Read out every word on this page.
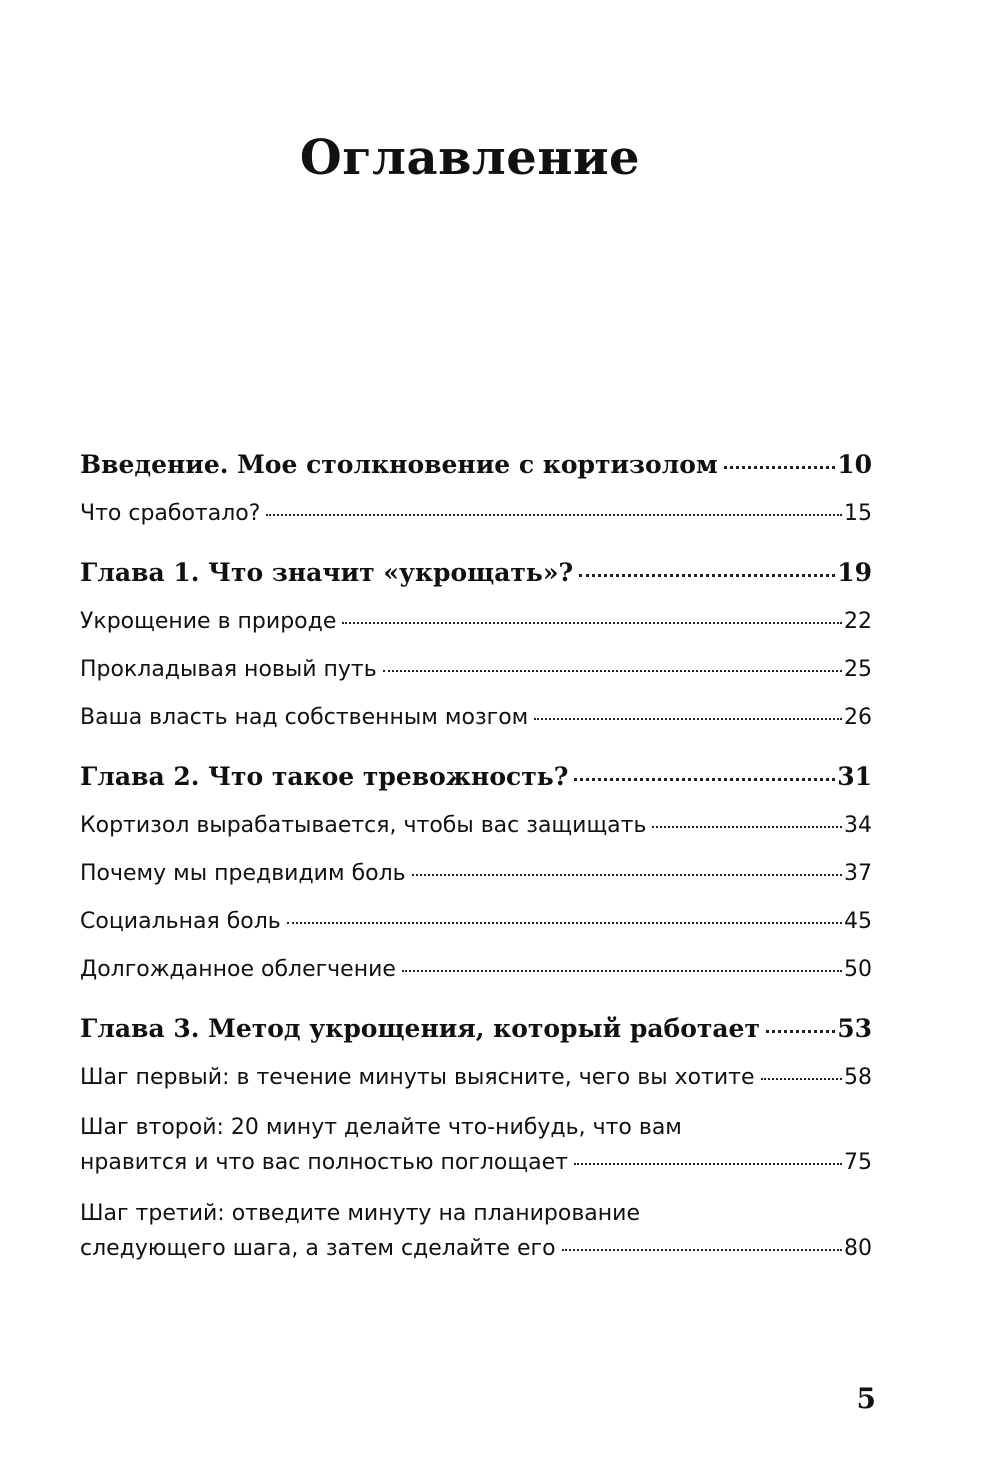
Оглавление
Введение. Мое столкновение с кортизолом	10
Что сработало?	15
Глава 1. Что значит «укрощать»?	19
Укрощение в природе	22
Прокладывая новый путь	25
Ваша власть над собственным мозгом	26
Глава 2. Что такое тревожность?	31
Кортизол вырабатывается, чтобы вас защищать	34
Почему мы предвидим боль	37
Социальная боль	45
Долгожданное облегчение	50
Глава 3. Метод укрощения, который работает	53
Шаг первый: в течение минуты выясните, чего вы хотите	58
Шаг второй: 20 минут делайте что-нибудь, что вам
нравится и что вас полностью поглощает	75
Шаг третий: отведите минуту на планирование
следующего шага, а затем сделайте его	80
5
